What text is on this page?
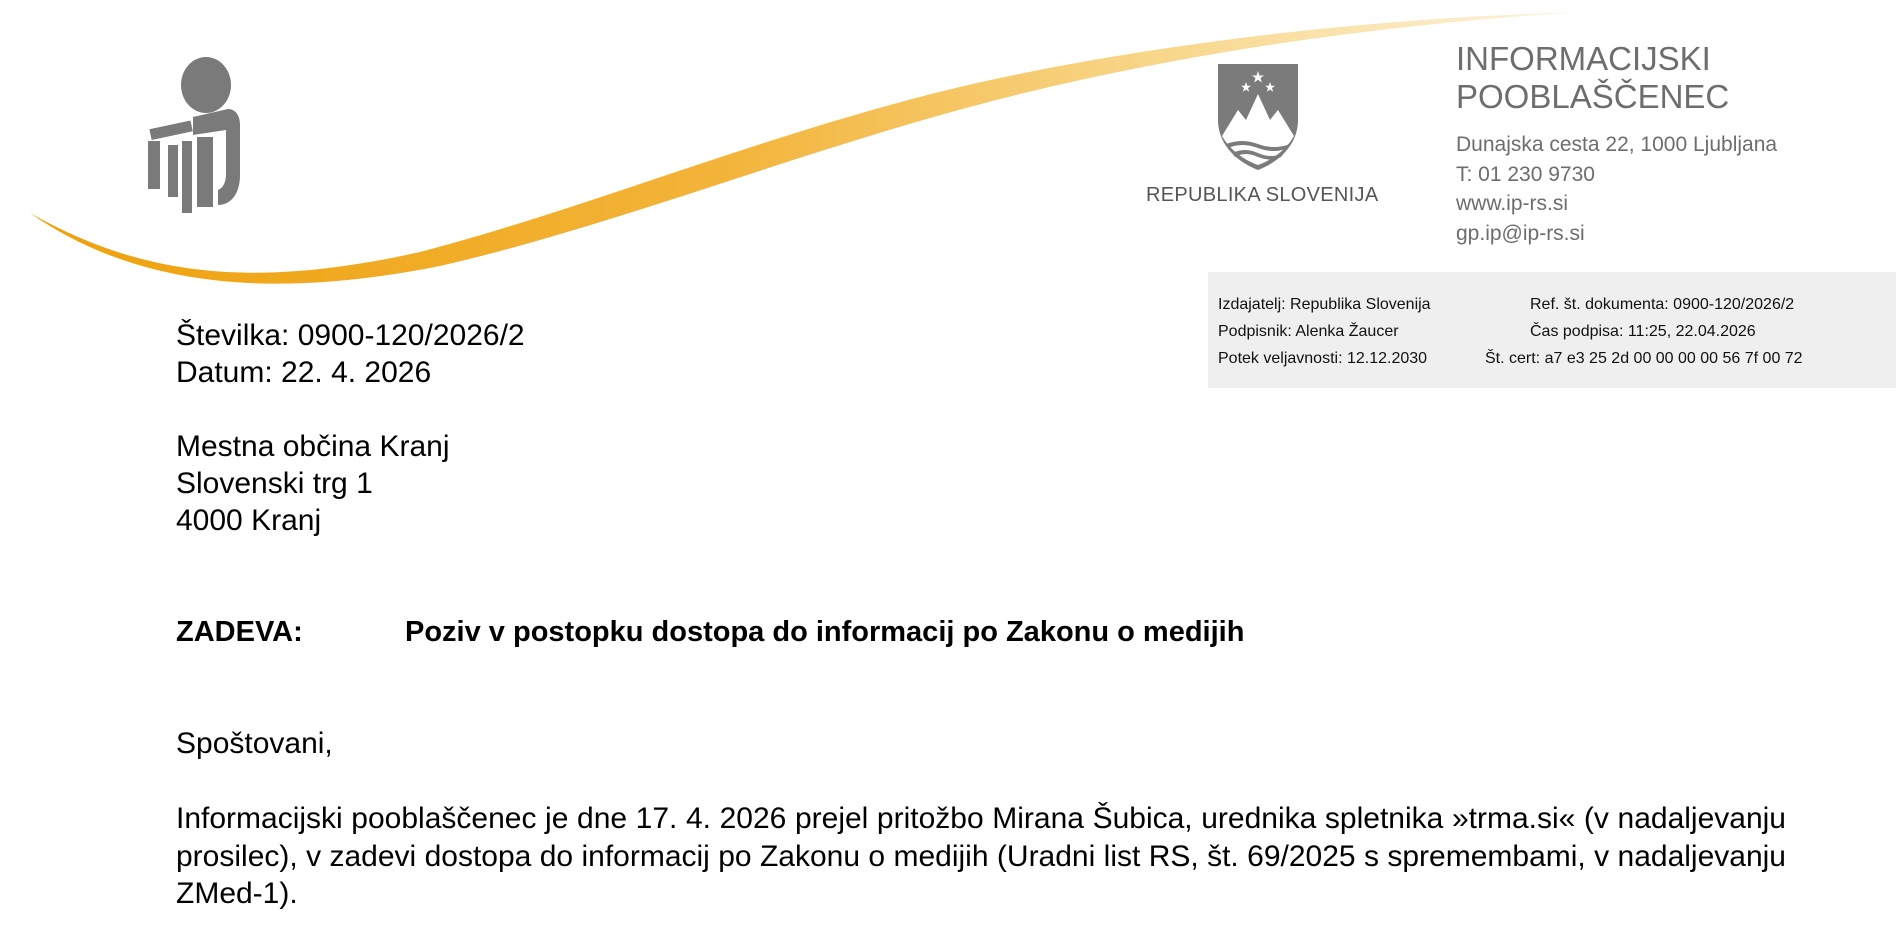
REPUBLIKA SLOVENIJA
INFORMACIJSKI
POOBLAŠČENEC
Dunajska cesta 22, 1000 Ljubljana
T: 01 230 9730
www.ip-rs.si
gp.ip@ip-rs.si
Izdajatelj: Republika Slovenija	Ref. št. dokumenta: 0900-120/2026/2
Podpisnik: Alenka Žaucer	Čas podpisa: 11:25, 22.04.2026
Potek veljavnosti: 12.12.2030	Št. cert: a7 e3 25 2d 00 00 00 00 56 7f 00 72
Številka: 0900-120/2026/2
Datum: 22. 4. 2026
Mestna občina Kranj
Slovenski trg 1
4000 Kranj
ZADEVA:	Poziv v postopku dostopa do informacij po Zakonu o medijih
Spoštovani,
Informacijski pooblaščenec je dne 17. 4. 2026 prejel pritožbo Mirana Šubica, urednika spletnika »trma.si« (v nadaljevanju prosilec), v zadevi dostopa do informacij po Zakonu o medijih (Uradni list RS, št. 69/2025 s spremembami, v nadaljevanju ZMed-1).
